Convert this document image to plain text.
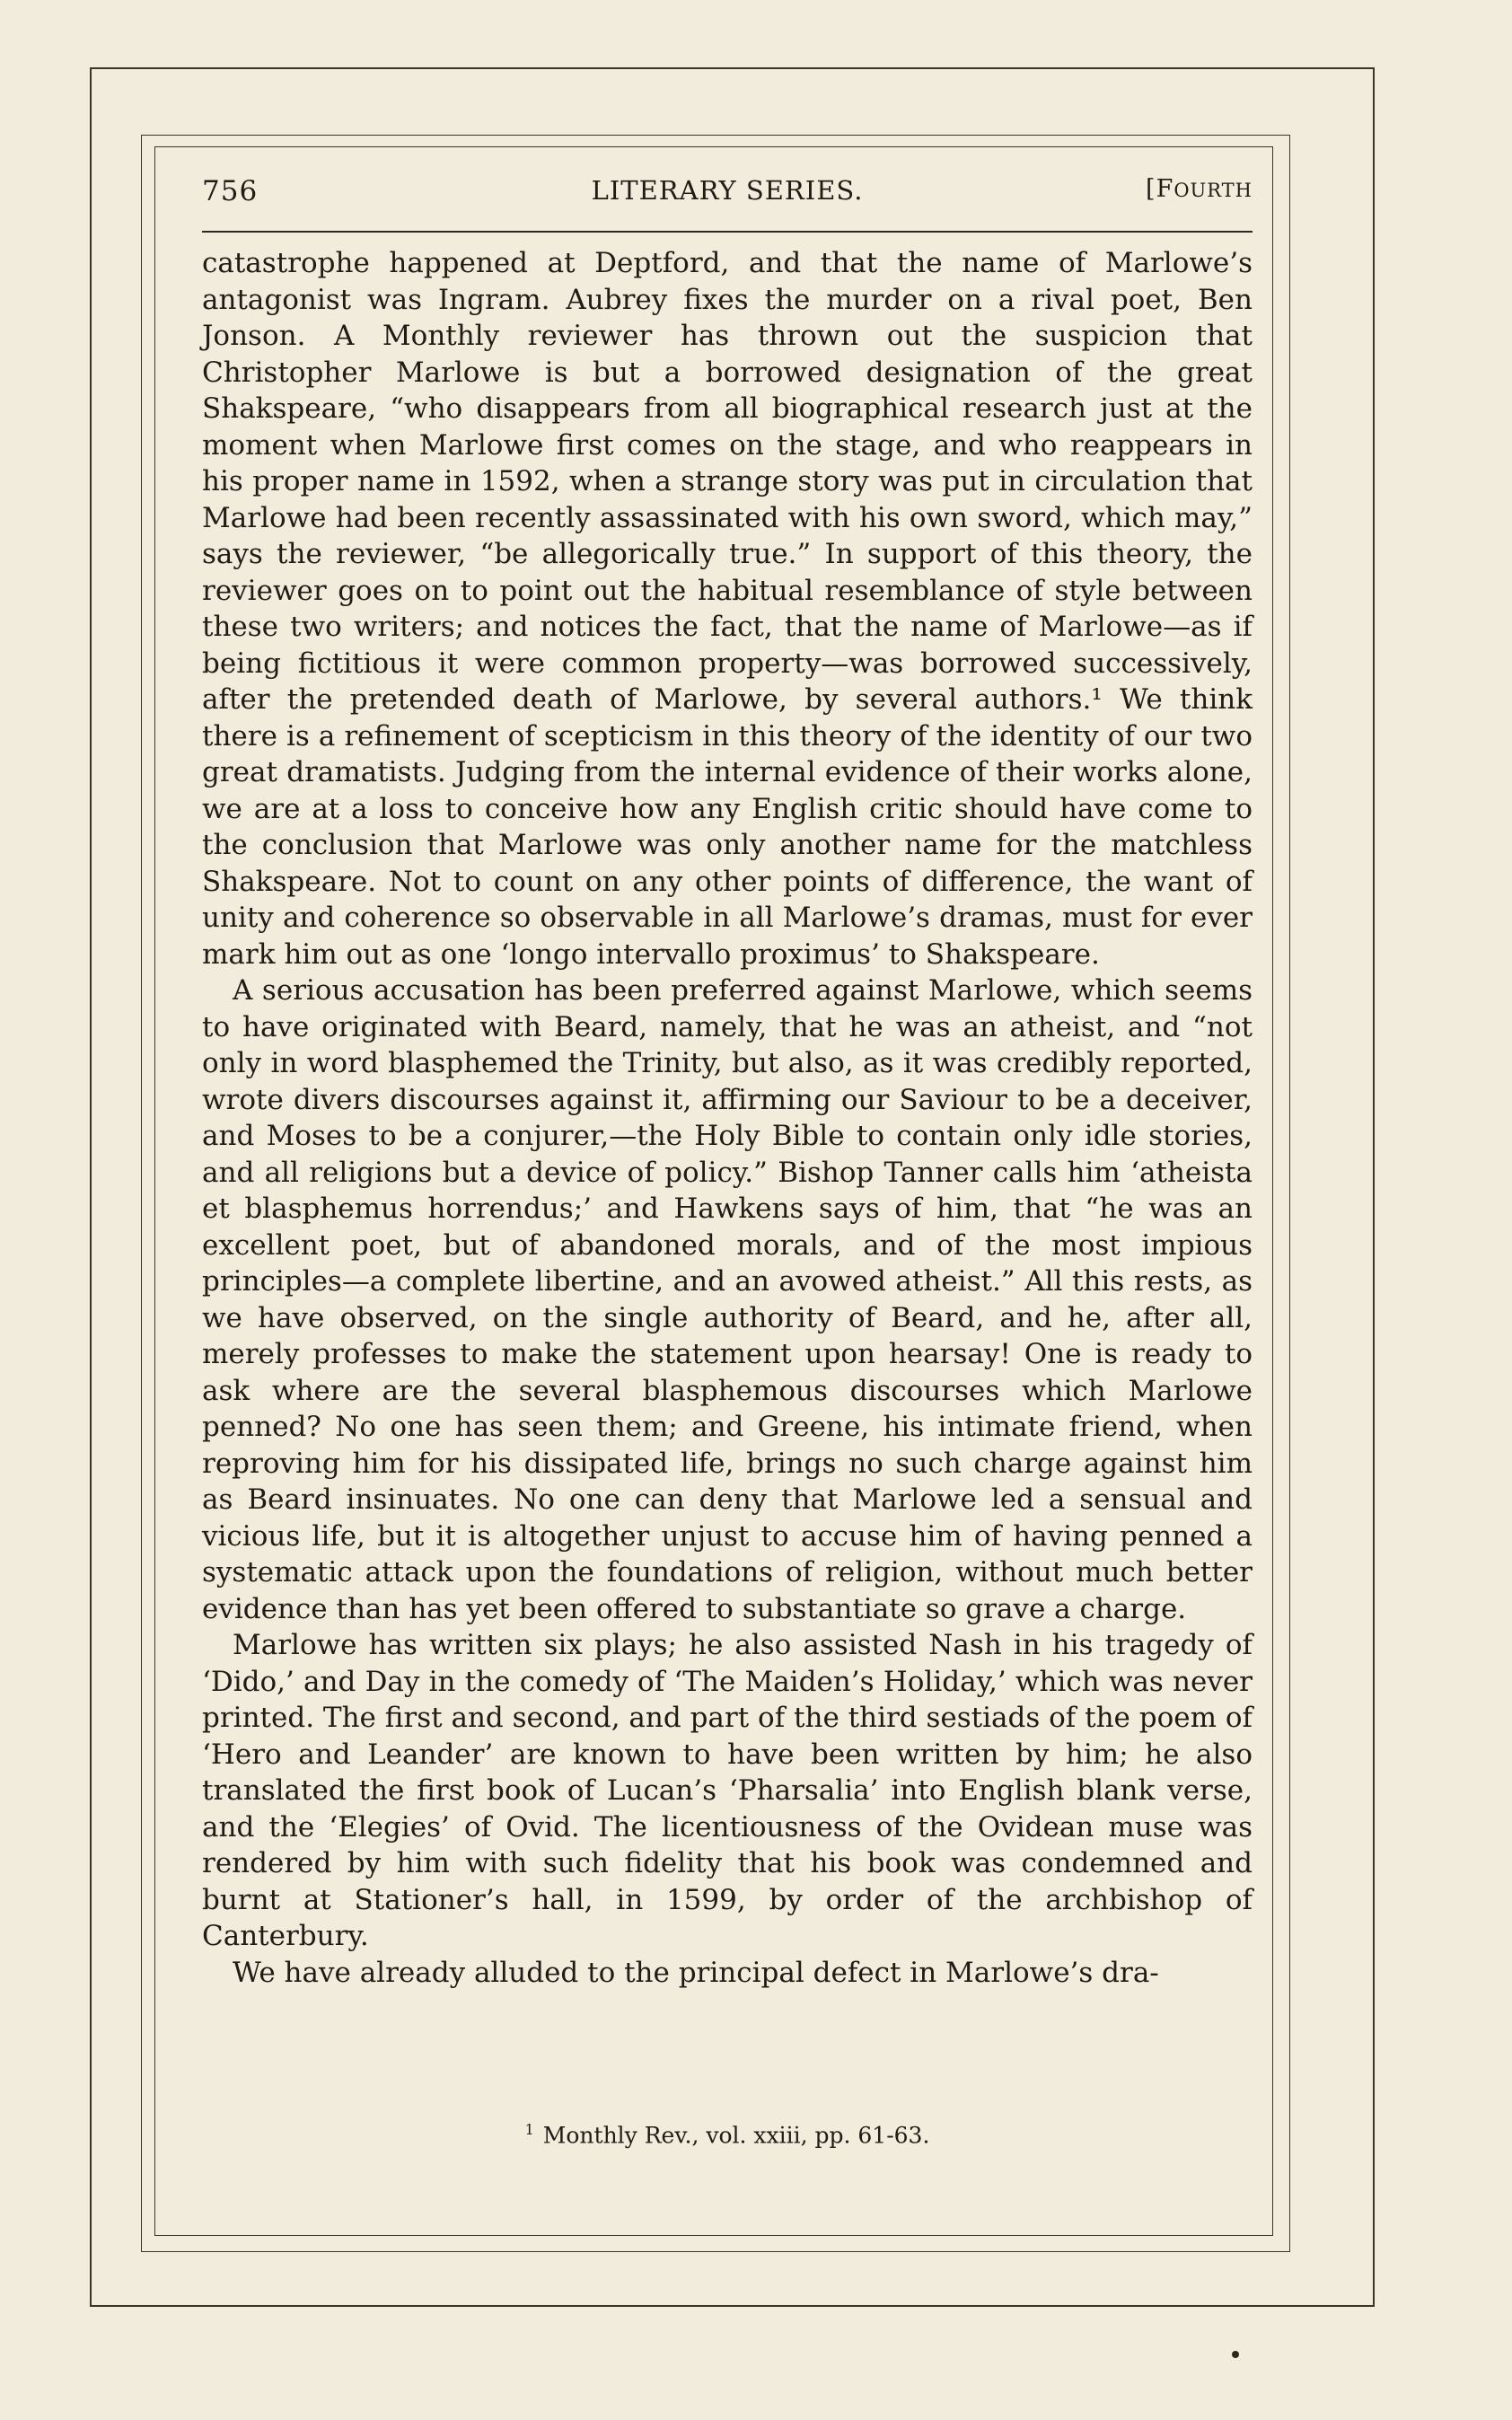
756	LITERARY SERIES.	[FOURTH

catastrophe happened at Deptford, and that the name of Marlowe’s antagonist was Ingram. Aubrey fixes the murder on a rival poet, Ben Jonson. A Monthly reviewer has thrown out the suspicion that Christopher Marlowe is but a borrowed designation of the great Shakspeare, “who disappears from all biographical research just at the moment when Marlowe first comes on the stage, and who reappears in his proper name in 1592, when a strange story was put in circulation that Marlowe had been recently assassinated with his own sword, which may,” says the reviewer, “be allegorically true.” In support of this theory, the reviewer goes on to point out the habitual resemblance of style between these two writers; and notices the fact, that the name of Marlowe—as if being fictitious it were common property—was borrowed successively, after the pretended death of Marlowe, by several authors.¹ We think there is a refinement of scepticism in this theory of the identity of our two great dramatists. Judging from the internal evidence of their works alone, we are at a loss to conceive how any English critic should have come to the conclusion that Marlowe was only another name for the matchless Shakspeare. Not to count on any other points of difference, the want of unity and coherence so observable in all Marlowe’s dramas, must for ever mark him out as one ‘longo intervallo proximus’ to Shakspeare.

A serious accusation has been preferred against Marlowe, which seems to have originated with Beard, namely, that he was an atheist, and “not only in word blasphemed the Trinity, but also, as it was credibly reported, wrote divers discourses against it, affirming our Saviour to be a deceiver, and Moses to be a conjurer,—the Holy Bible to contain only idle stories, and all religions but a device of policy.” Bishop Tanner calls him ‘atheista et blasphemus horrendus;’ and Hawkens says of him, that “he was an excellent poet, but of abandoned morals, and of the most impious principles—a complete libertine, and an avowed atheist.” All this rests, as we have observed, on the single authority of Beard, and he, after all, merely professes to make the statement upon hearsay! One is ready to ask where are the several blasphemous discourses which Marlowe penned? No one has seen them; and Greene, his intimate friend, when reproving him for his dissipated life, brings no such charge against him as Beard insinuates. No one can deny that Marlowe led a sensual and vicious life, but it is altogether unjust to accuse him of having penned a systematic attack upon the foundations of religion, without much better evidence than has yet been offered to substantiate so grave a charge.

Marlowe has written six plays; he also assisted Nash in his tragedy of ‘Dido,’ and Day in the comedy of ‘The Maiden’s Holiday,’ which was never printed. The first and second, and part of the third sestiads of the poem of ‘Hero and Leander’ are known to have been written by him; he also translated the first book of Lucan’s ‘Pharsalia’ into English blank verse, and the ‘Elegies’ of Ovid. The licentiousness of the Ovidean muse was rendered by him with such fidelity that his book was condemned and burnt at Stationer’s hall, in 1599, by order of the archbishop of Canterbury.

We have already alluded to the principal defect in Marlowe’s dra-

$^1$ Monthly Rev., vol. xxiii, pp. 61-63.
